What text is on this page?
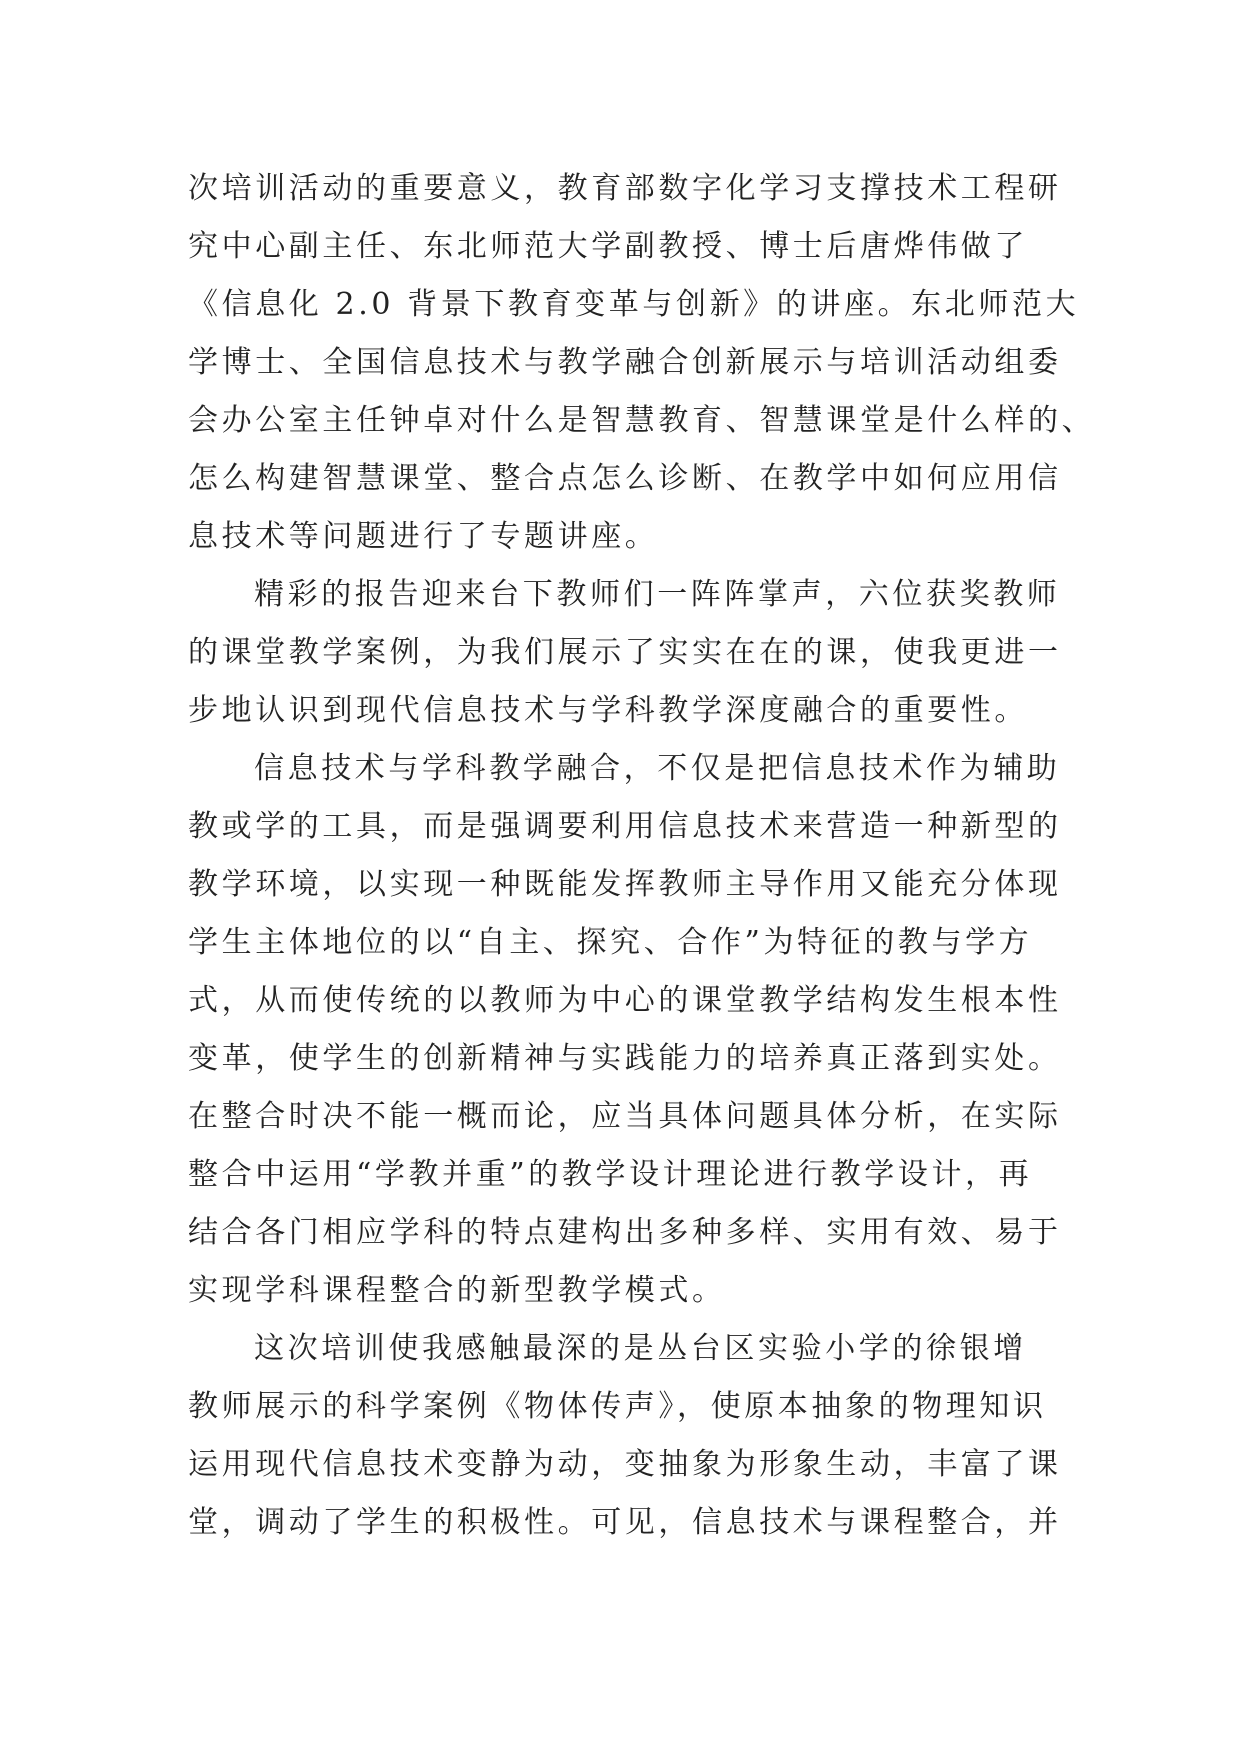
次培训活动的重要意义，教育部数字化学习支撑技术工程研
究中心副主任、东北师范大学副教授、博士后唐烨伟做了
《信息化 2.0 背景下教育变革与创新》的讲座。东北师范大
学博士、全国信息技术与教学融合创新展示与培训活动组委
会办公室主任钟卓对什么是智慧教育、智慧课堂是什么样的、
怎么构建智慧课堂、整合点怎么诊断、在教学中如何应用信
息技术等问题进行了专题讲座。
精彩的报告迎来台下教师们一阵阵掌声，六位获奖教师
的课堂教学案例，为我们展示了实实在在的课，使我更进一
步地认识到现代信息技术与学科教学深度融合的重要性。
信息技术与学科教学融合，不仅是把信息技术作为辅助
教或学的工具，而是强调要利用信息技术来营造一种新型的
教学环境，以实现一种既能发挥教师主导作用又能充分体现
学生主体地位的以“自主、探究、合作”为特征的教与学方
式，从而使传统的以教师为中心的课堂教学结构发生根本性
变革，使学生的创新精神与实践能力的培养真正落到实处。
在整合时决不能一概而论，应当具体问题具体分析，在实际
整合中运用“学教并重”的教学设计理论进行教学设计，再
结合各门相应学科的特点建构出多种多样、实用有效、易于
实现学科课程整合的新型教学模式。
这次培训使我感触最深的是丛台区实验小学的徐银增
教师展示的科学案例《物体传声》，使原本抽象的物理知识
运用现代信息技术变静为动，变抽象为形象生动，丰富了课
堂，调动了学生的积极性。可见，信息技术与课程整合，并
